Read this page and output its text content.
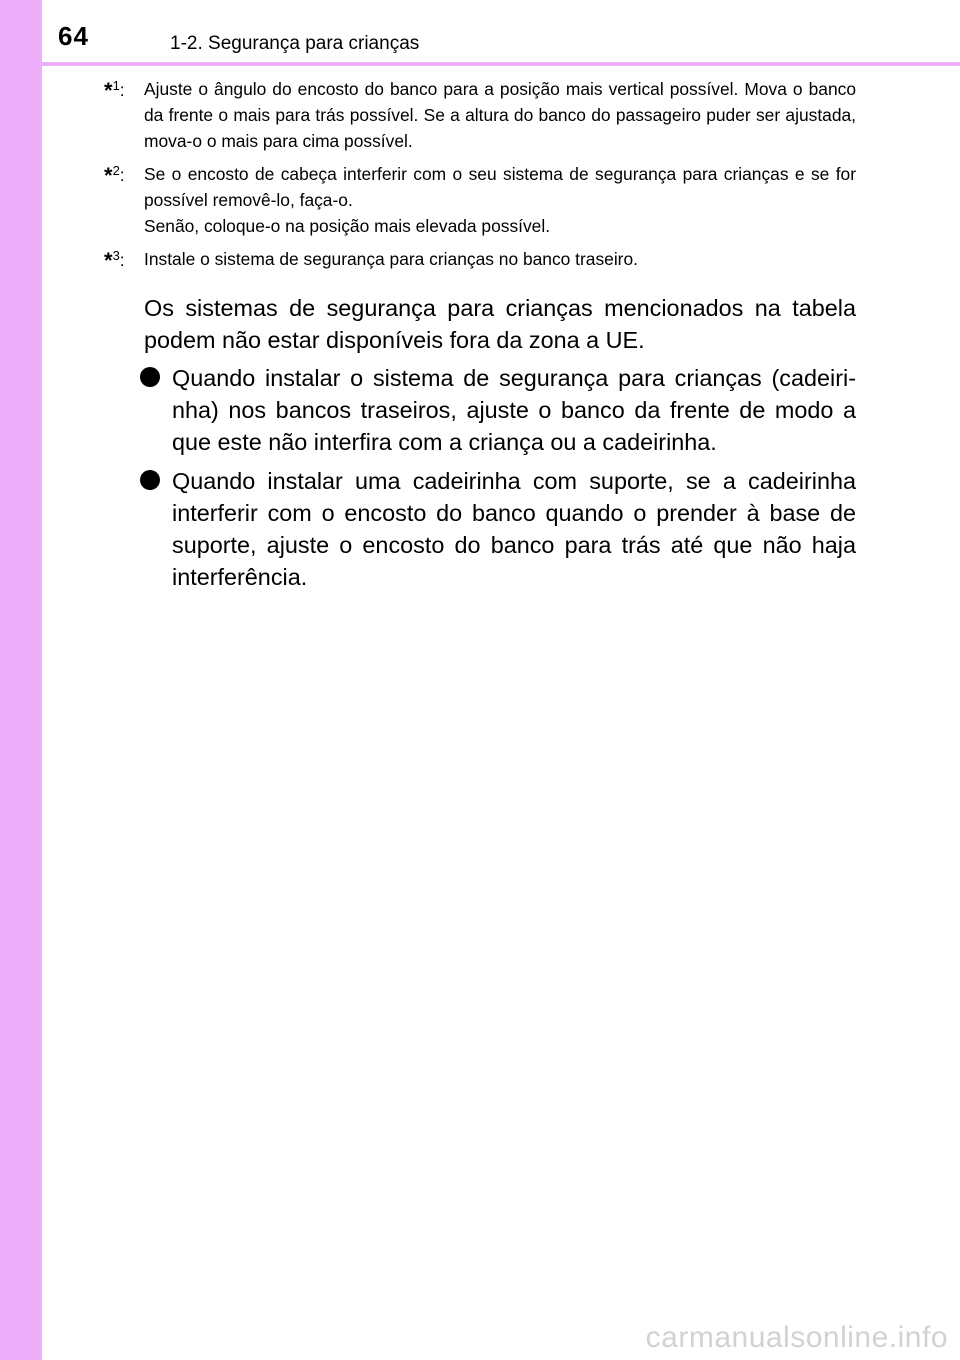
64	1-2. Segurança para crianças
*$^1$: Ajuste o ângulo do encosto do banco para a posição mais vertical possível. Mova o banco da frente o mais para trás possível. Se a altura do banco do passageiro puder ser ajustada, mova-o o mais para cima possível.

*$^2$: Se o encosto de cabeça interferir com o seu sistema de segurança para crianças e se for possível removê-lo, faça-o.

Senão, coloque-o na posição mais elevada possível.

*$^3$: Instale o sistema de segurança para crianças no banco traseiro.

Os sistemas de segurança para crianças mencionados na tabela podem não estar disponíveis fora da zona a UE.

Quando instalar o sistema de segurança para crianças (cadeiri-nha) nos bancos traseiros, ajuste o banco da frente de modo a que este não interfira com a criança ou a cadeirinha.
Quando instalar uma cadeirinha com suporte, se a cadeirinha interferir com o encosto do banco quando o prender à base de suporte, ajuste o encosto do banco para trás até que não haja interferência.
carmanualsonline.info
